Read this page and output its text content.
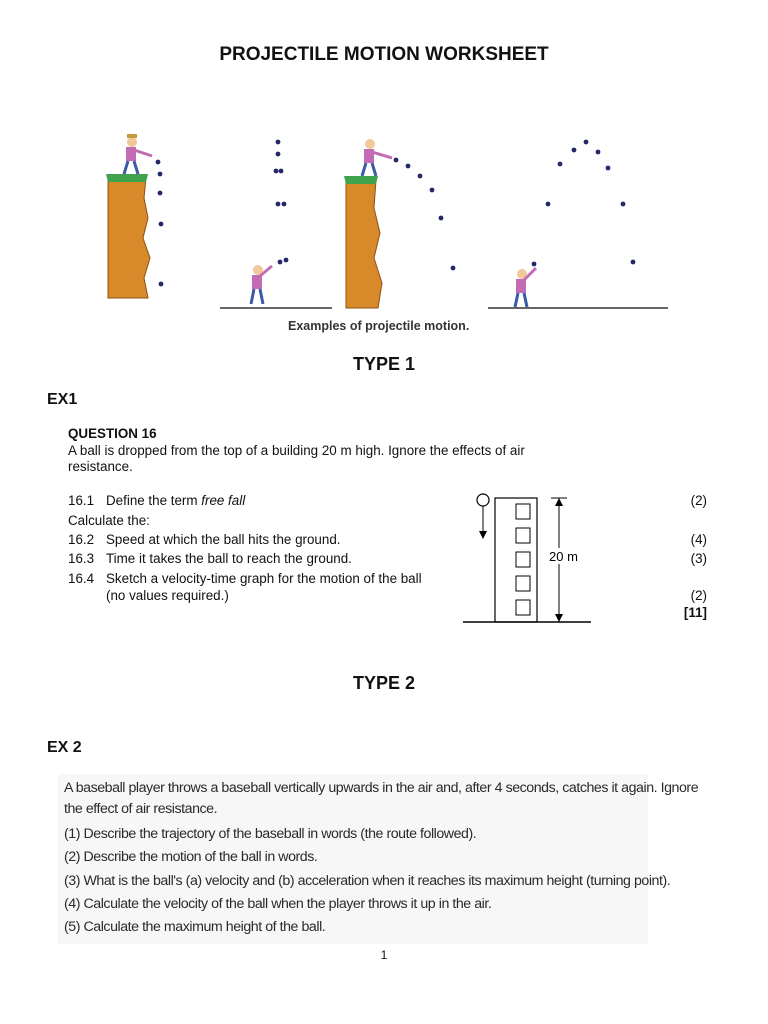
PROJECTILE MOTION WORKSHEET
Examples of projectile motion.
TYPE 1
EX1
QUESTION 16
A ball is dropped from the top of a building 20 m high. Ignore the effects of air
resistance.
16.1 Define the term free fall	(2)
Calculate the:
16.2 Speed at which the ball hits the ground.	(4)
16.3 Time it takes the ball to reach the ground.	(3)
16.4 Sketch a velocity-time graph for the motion of the ball
(no values required.)	(2)
[11]
20 m
TYPE 2
EX 2
A baseball player throws a baseball vertically upwards in the air and, after 4 seconds, catches it again. Ignore
the effect of air resistance.
(1) Describe the trajectory of the baseball in words (the route followed).
(2) Describe the motion of the ball in words.
(3) What is the ball's (a) velocity and (b) acceleration when it reaches its maximum height (turning point).
(4) Calculate the velocity of the ball when the player throws it up in the air.
(5) Calculate the maximum height of the ball.
1
